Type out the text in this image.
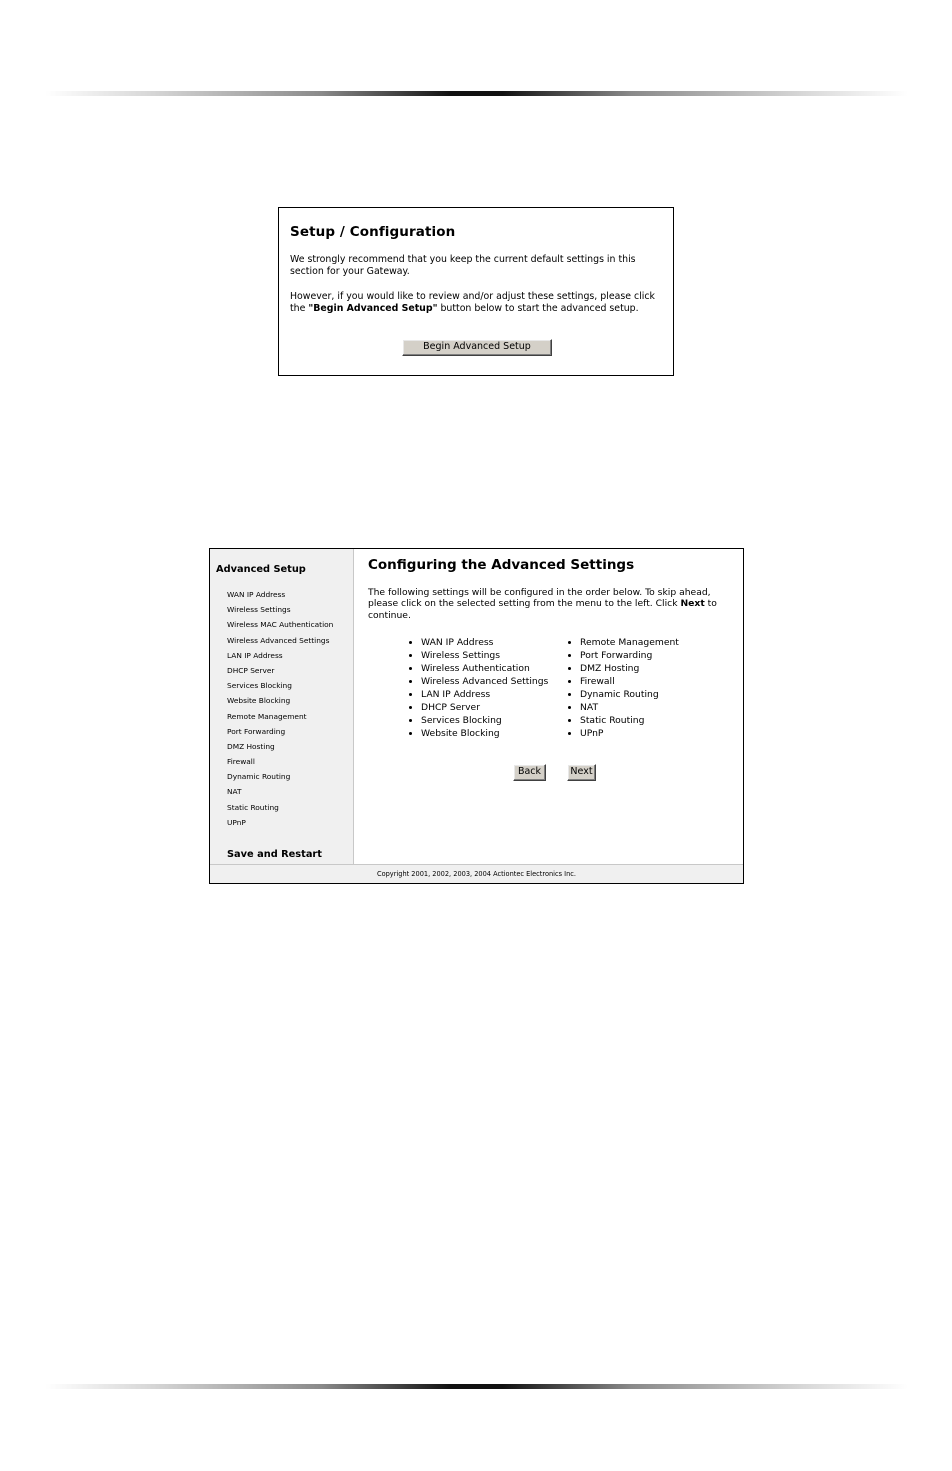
Setup / Configuration
We strongly recommend that you keep the current default settings in this section for your Gateway.
However, if you would like to review and/or adjust these settings, please click the "Begin Advanced Setup" button below to start the advanced setup.
Begin Advanced Setup
Advanced Setup
WAN IP Address
Wireless Settings
Wireless MAC Authentication
Wireless Advanced Settings
LAN IP Address
DHCP Server
Services Blocking
Website Blocking
Remote Management
Port Forwarding
DMZ Hosting
Firewall
Dynamic Routing
NAT
Static Routing
UPnP
Save and Restart
Configuring the Advanced Settings
The following settings will be configured in the order below. To skip ahead, please click on the selected setting from the menu to the left. Click Next to continue.
• WAN IP Address
• Wireless Settings
• Wireless Authentication
• Wireless Advanced Settings
• LAN IP Address
• DHCP Server
• Services Blocking
• Website Blocking
• Remote Management
• Port Forwarding
• DMZ Hosting
• Firewall
• Dynamic Routing
• NAT
• Static Routing
• UPnP
Back	Next
Copyright 2001, 2002, 2003, 2004 Actiontec Electronics Inc.
